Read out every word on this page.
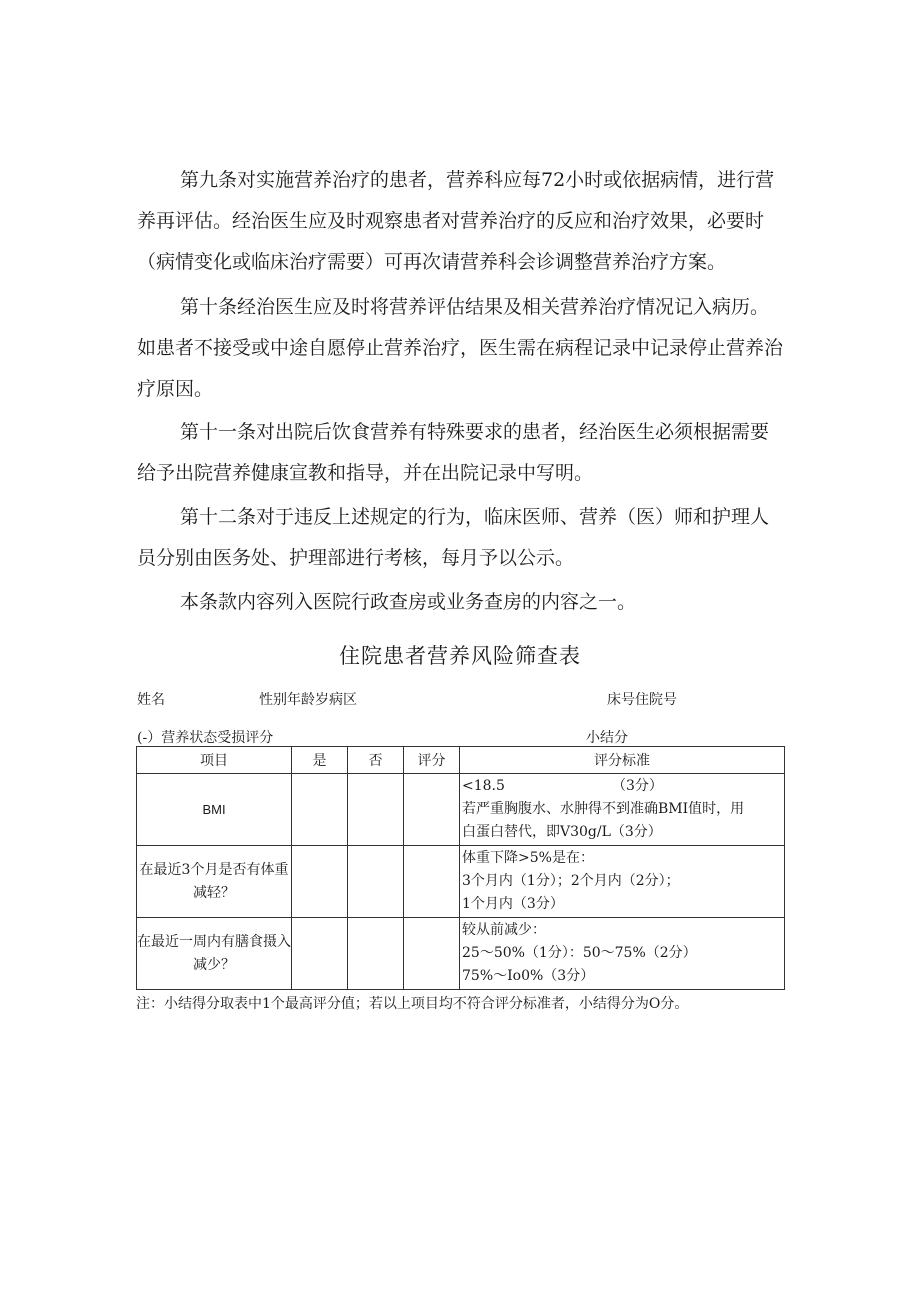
第九条对实施营养治疗的患者，营养科应每72小时或依据病情，进行营养再评估。经治医生应及时观察患者对营养治疗的反应和治疗效果，必要时（病情变化或临床治疗需要）可再次请营养科会诊调整营养治疗方案。

第十条经治医生应及时将营养评估结果及相关营养治疗情况记入病历。如患者不接受或中途自愿停止营养治疗，医生需在病程记录中记录停止营养治疗原因。

第十一条对出院后饮食营养有特殊要求的患者，经治医生必须根据需要给予出院营养健康宣教和指导，并在出院记录中写明。

第十二条对于违反上述规定的行为，临床医师、营养（医）师和护理人员分别由医务处、护理部进行考核，每月予以公示。

本条款内容列入医院行政查房或业务查房的内容之一。

住院患者营养风险筛查表
姓名	性别年龄岁病区	床号住院号
(-）营养状态受损评分	小结分
项目	是	否	评分	评分标准
BMI				<18.5 （3分）
若严重胸腹水、水肿得不到准确BMI值时，用
白蛋白替代，即V30g/L（3分）

在最近3个月是否有体重减轻？				体重下降>5%是在：
3个月内（1分）；2个月内（2分）；
1个月内（3分）

在最近一周内有膳食摄入减少？				较从前减少：
25〜50%（1分）：50〜75%（2分）
75%〜Io0%（3分）
注：小结得分取表中1个最高评分值；若以上项目均不符合评分标准者，小结得分为O分。
